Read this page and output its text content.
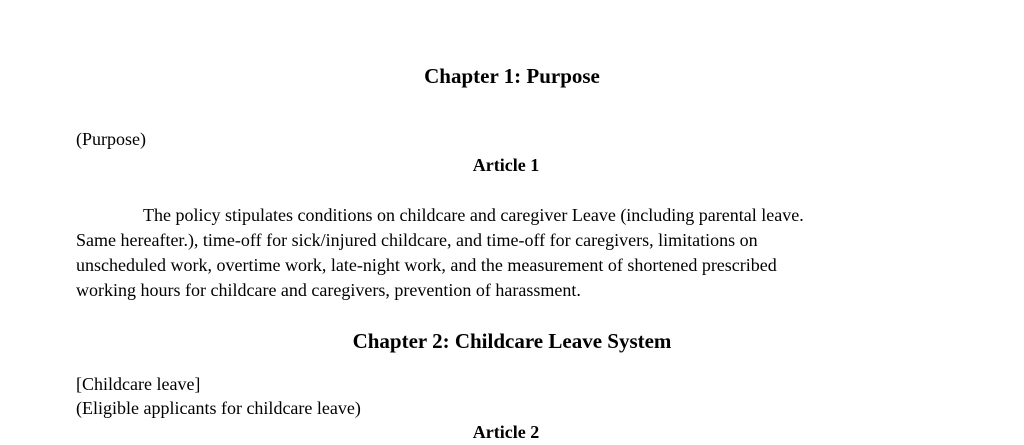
Chapter 1: Purpose

(Purpose)

Article 1

The policy stipulates conditions on childcare and caregiver Leave (including parental leave.
Same hereafter.), time-off for sick/injured childcare, and time-off for caregivers, limitations on
unscheduled work, overtime work, late-night work, and the measurement of shortened prescribed
working hours for childcare and caregivers, prevention of harassment.
Chapter 2: Childcare Leave System

[Childcare leave]

(Eligible applicants for childcare leave)

Article 2
